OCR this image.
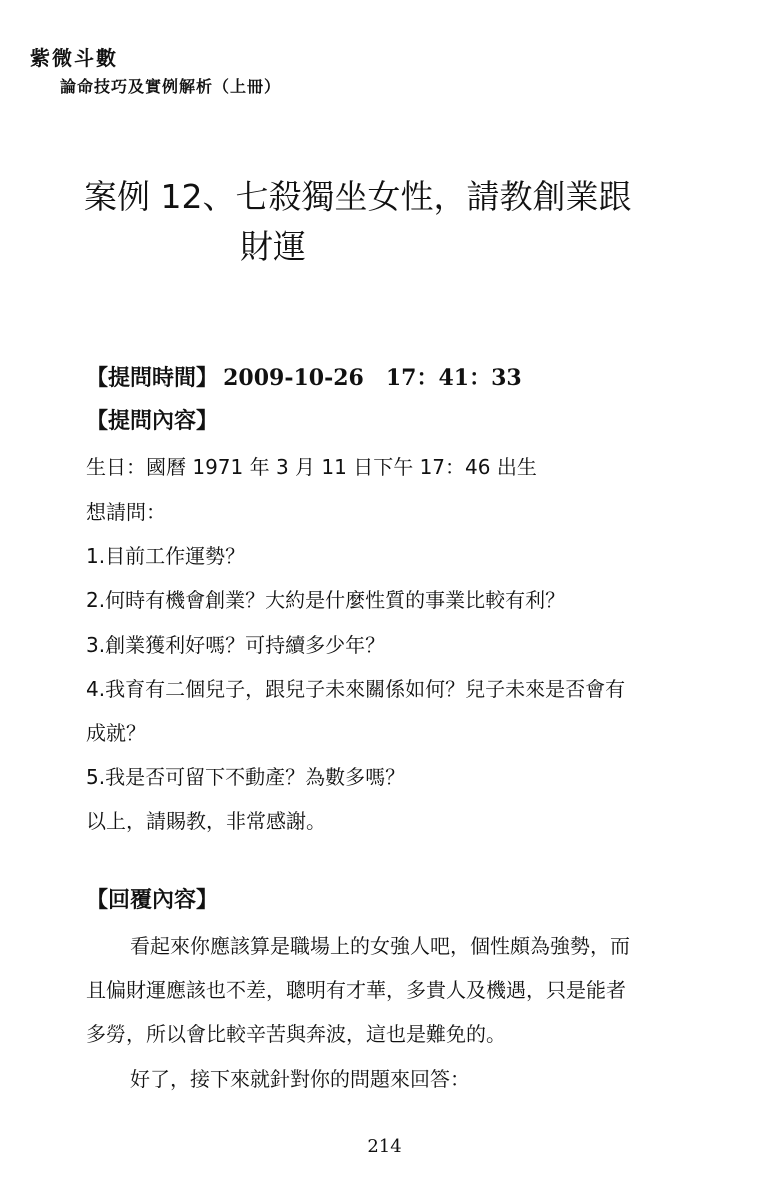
紫微斗數
論命技巧及實例解析（上冊）
案例 12、七殺獨坐女性，請教創業跟
財運
【提問時間】 2009-10-26　17：41：33
【提問內容】
生日：國曆 1971 年 3 月 11 日下午 17：46 出生
想請問：
1.目前工作運勢？
2.何時有機會創業？大約是什麼性質的事業比較有利？
3.創業獲利好嗎？可持續多少年？
4.我育有二個兒子，跟兒子未來關係如何？兒子未來是否會有
成就？
5.我是否可留下不動產？為數多嗎？
以上，請賜教，非常感謝。
【回覆內容】
看起來你應該算是職場上的女強人吧，個性頗為強勢，而
且偏財運應該也不差，聰明有才華，多貴人及機遇，只是能者
多勞，所以會比較辛苦與奔波，這也是難免的。
好了，接下來就針對你的問題來回答：
214
